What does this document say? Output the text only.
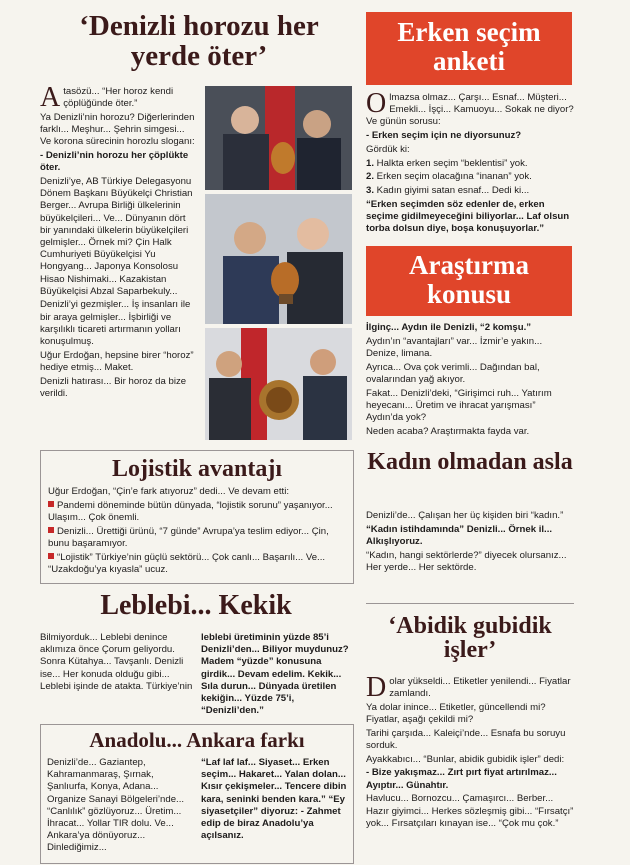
‘Denizli horozu her yerde öter’

Atasözü... “Her horoz kendi çöplüğünde öter.”

Ya Denizli’nin horozu? Diğerlerinden farklı... Meşhur... Şehrin simgesi... Ve korona sürecinin horozlu sloganı:

- Denizli’nin horozu her çöplükte öter.

Denizli’ye, AB Türkiye Delegasyonu Dönem Başkanı Büyükelçi Christian Berger... Avrupa Birliği ülkelerinin büyükelçileri... Ve... Dünyanın dört bir yanındaki ülkelerin büyükelçileri gelmişler... Örnek mi? Çin Halk Cumhuriyeti Büyükelçisi Yu Hongyang... Japonya Konsolosu Hisao Nishimaki... Kazakistan Büyükelçisi Abzal Saparbekuly...

Denizli’yi gezmişler... İş insanları ile bir araya gelmişler... İşbirliği ve karşılıklı ticareti artırmanın yolları konuşulmuş.

Uğur Erdoğan, hepsine birer “horoz” hediye etmiş... Maket.

Denizli hatırası... Bir horoz da bize verildi.

Erken seçim anketi

Olmazsa olmaz... Çarşı... Esnaf... Müşteri... Emekli... İşçi... Kamuoyu... Sokak ne diyor? Ve günün sorusu:

- Erken seçim için ne diyorsunuz?

Gördük ki:

1. Halkta erken seçim “beklentisi” yok.

2. Erken seçim olacağına “inanan” yok.

3. Kadın giyimi satan esnaf... Dedi ki...

“Erken seçimden söz edenler de, erken seçime gidilmeyeceğini biliyorlar... Laf olsun torba dolsun diye, boşa konuşuyorlar.”

Araştırma konusu

İlginç... Aydın ile Denizli, “2 komşu.”

Aydın’ın “avantajları” var... İzmir’e yakın... Denize, limana.

Ayrıca... Ova çok verimli... Dağından bal, ovalarından yağ akıyor.

Fakat... Denizli’deki, “Girişimci ruh... Yatırım heyecanı... Üretim ve ihracat yarışması” Aydın’da yok?

Neden acaba? Araştırmakta fayda var.

Lojistik avantajı

Uğur Erdoğan, “Çin’e fark atıyoruz” dedi... Ve devam etti:

Pandemi döneminde bütün dünyada, “lojistik sorunu” yaşanıyor... Ulaşım... Çok önemli.

Denizli... Ürettiği ürünü, “7 günde” Avrupa’ya teslim ediyor... Çin, bunu başaramıyor.

“Lojistik” Türkiye’nin güçlü sektörü... Çok canlı... Başarılı... Ve... “Uzakdoğu’ya kıyasla” ucuz.

Kadın olmadan asla

Denizli’de... Çalışan her üç kişiden biri “kadın.”

“Kadın istihdamında” Denizli... Örnek il... Alkışlıyoruz.

“Kadın, hangi sektörlerde?” diyecek olursanız... Her yerde... Her sektörde.

Leblebi... Kekik
Bilmiyorduk... Leblebi denince aklımıza önce Çorum geliyordu. Sonra Kütahya... Tavşanlı. Denizli ise... Her konuda olduğu gibi... Leblebi işinde de atakta. Türkiye’nin
leblebi üretiminin yüzde 85’i Denizli’den... Biliyor muydunuz? Madem “yüzde” konusuna girdik... Devam edelim. Kekik... Sıla durun... Dünyada üretilen kekiğin... Yüzde 75’i, “Denizli’den.”
Anadolu... Ankara farkı
Denizli’de... Gaziantep, Kahramanmaraş, Şırnak, Şanlıurfa, Konya, Adana... Organize Sanayi Bölgeleri’nde... “Canlılık” gözlüyoruz... Üretim... İhracat... Yollar TIR dolu. Ve... Ankara’ya dönüyoruz... Dinlediğimiz...
“Laf laf laf... Siyaset... Erken seçim... Hakaret... Yalan dolan... Kısır çekişmeler... Tencere dibin kara, seninki benden kara.” “Ey siyasetçiler” diyoruz: - Zahmet edip de biraz Anadolu’ya açılsanız.
‘Abidik gubidik işler’

Dolar yükseldi... Etiketler yenilendi... Fiyatlar zamlandı.

Ya dolar inince... Etiketler, güncellendi mi? Fiyatlar, aşağı çekildi mi?

Tarihi çarşıda... Kaleiçi’nde... Esnafa bu soruyu sorduk.

Ayakkabıcı... “Bunlar, abidik gubidik işler” dedi:

- Bize yakışmaz... Zırt pırt fiyat artırılmaz... Ayıptır... Günahtır.

Havlucu... Bornozcu... Çamaşırcı... Berber... Hazır giyimci... Herkes sözleşmiş gibi... “Fırsatçı” yok... Fırsatçıları kınayan ise... “Çok mu çok.”
